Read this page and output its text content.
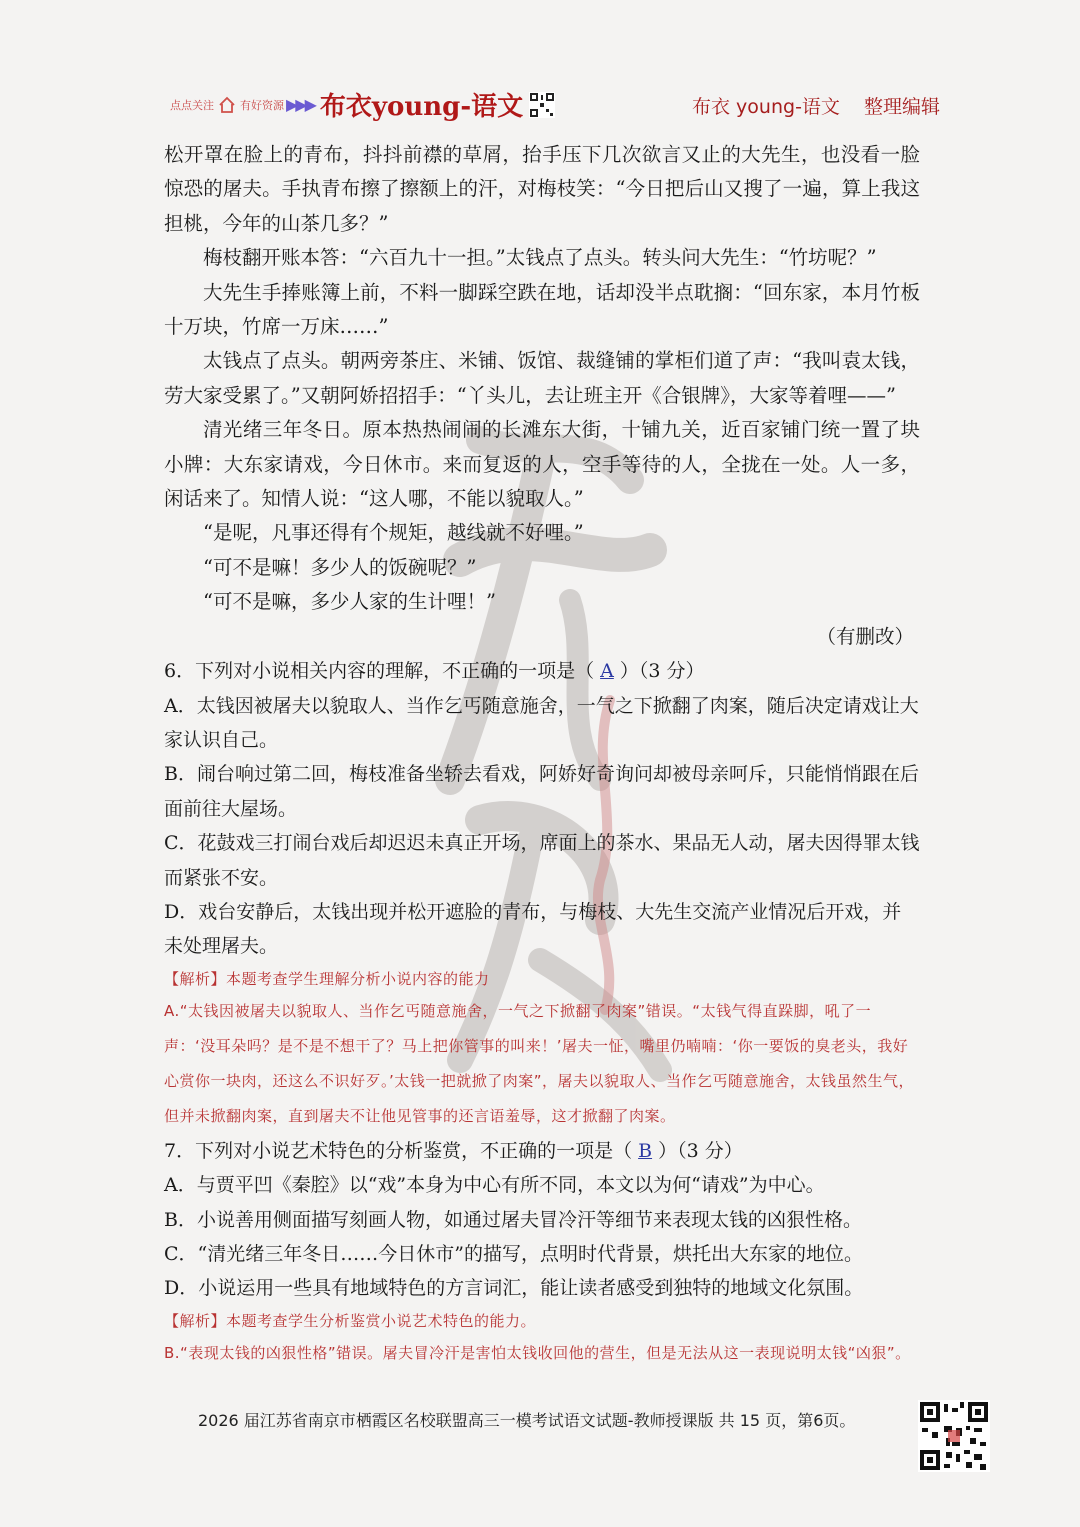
点点关注 有好资源 ▶▶▶ 布衣young-语文	布衣 young-语文 整理编辑

松开罩在脸上的青布，抖抖前襟的草屑，抬手压下几次欲言又止的大先生，也没看一脸惊恐的屠夫。手执青布擦了擦额上的汗，对梅枝笑：“今日把后山又搜了一遍，算上我这担桃，今年的山茶几多？”

梅枝翻开账本答：“六百九十一担。”太钱点了点头。转头问大先生：“竹坊呢？”

大先生手捧账簿上前，不料一脚踩空跌在地，话却没半点耽搁：“回东家，本月竹板十万块，竹席一万床……”

太钱点了点头。朝两旁茶庄、米铺、饭馆、裁缝铺的掌柜们道了声：“我叫袁太钱，劳大家受累了。”又朝阿娇招招手：“丫头儿，去让班主开《合银牌》，大家等着哩——”

清光绪三年冬日。原本热热闹闹的长滩东大街，十铺九关，近百家铺门统一置了块小牌：大东家请戏，今日休市。来而复返的人，空手等待的人，全拢在一处。人一多，闲话来了。知情人说：“这人哪，不能以貌取人。”

“是呢，凡事还得有个规矩，越线就不好哩。”

“可不是嘛！多少人的饭碗呢？”

“可不是嘛，多少人家的生计哩！”

（有删改）

6．下列对小说相关内容的理解，不正确的一项是（ A ）（3 分）

A．太钱因被屠夫以貌取人、当作乞丐随意施舍，一气之下掀翻了肉案，随后决定请戏让大家认识自己。

B．闹台响过第二回，梅枝准备坐轿去看戏，阿娇好奇询问却被母亲呵斥，只能悄悄跟在后面前往大屋场。

C．花鼓戏三打闹台戏后却迟迟未真正开场，席面上的茶水、果品无人动，屠夫因得罪太钱而紧张不安。

D．戏台安静后，太钱出现并松开遮脸的青布，与梅枝、大先生交流产业情况后开戏，并未处理屠夫。

【解析】本题考查学生理解分析小说内容的能力

A.“太钱因被屠夫以貌取人、当作乞丐随意施舍，一气之下掀翻了肉案”错误。“太钱气得直跺脚，吼了一声：‘没耳朵吗？是不是不想干了？马上把你管事的叫来！’屠夫一怔，嘴里仍喃喃：‘你一要饭的臭老头，我好心赏你一块肉，还这么不识好歹。’太钱一把就掀了肉案”，屠夫以貌取人、当作乞丐随意施舍，太钱虽然生气，但并未掀翻肉案，直到屠夫不让他见管事的还言语羞辱，这才掀翻了肉案。

7．下列对小说艺术特色的分析鉴赏，不正确的一项是（ B ）（3 分）

A．与贾平凹《秦腔》以“戏”本身为中心有所不同，本文以为何“请戏”为中心。

B．小说善用侧面描写刻画人物，如通过屠夫冒冷汗等细节来表现太钱的凶狠性格。

C．“清光绪三年冬日……今日休市”的描写，点明时代背景，烘托出大东家的地位。

D．小说运用一些具有地域特色的方言词汇，能让读者感受到独特的地域文化氛围。

【解析】本题考查学生分析鉴赏小说艺术特色的能力。

B.“表现太钱的凶狠性格”错误。屠夫冒冷汗是害怕太钱收回他的营生，但是无法从这一表现说明太钱“凶狠”。

2026 届江苏省南京市栖霞区名校联盟高三一模考试语文试题-教师授课版 共 15 页，第6页。
